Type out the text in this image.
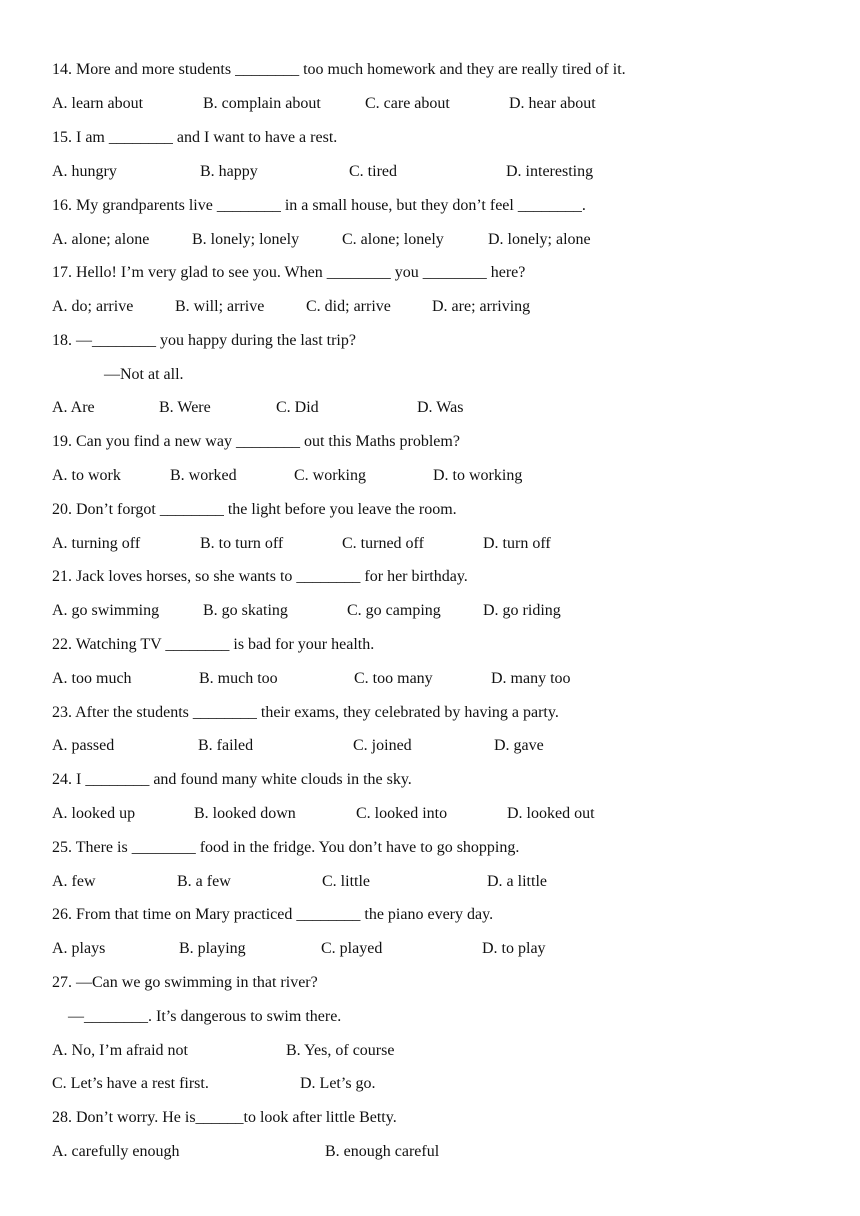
14. More and more students ________ too much homework and they are really tired of it.
A. learn about	B. complain about	C. care about	D. hear about
15. I am ________ and I want to have a rest.
A. hungry	B. happy	C. tired	D. interesting
16. My grandparents live ________ in a small house, but they don’t feel ________.
A. alone; alone	B. lonely; lonely	C. alone; lonely	D. lonely; alone
17. Hello! I’m very glad to see you. When ________ you ________ here?
A. do; arrive	B. will; arrive	C. did; arrive	D. are; arriving
18. —________ you happy during the last trip?
—Not at all.
A. Are	B. Were	C. Did	D. Was
19. Can you find a new way ________ out this Maths problem?
A. to work	B. worked	C. working	D. to working
20. Don’t forgot ________ the light before you leave the room.
A. turning off	B. to turn off	C. turned off	D. turn off
21. Jack loves horses, so she wants to ________ for her birthday.
A. go swimming	B. go skating	C. go camping	D. go riding
22. Watching TV ________ is bad for your health.
A. too much	B. much too	C. too many	D. many too
23. After the students ________ their exams, they celebrated by having a party.
A. passed	B. failed	C. joined	D. gave
24. I ________ and found many white clouds in the sky.
A. looked up	B. looked down	C. looked into	D. looked out
25. There is ________ food in the fridge. You don’t have to go shopping.
A. few	B. a few	C. little	D. a little
26. From that time on Mary practiced ________ the piano every day.
A. plays	B. playing	C. played	D. to play
27. —Can we go swimming in that river?
—________. It’s dangerous to swim there.
A. No, I’m afraid not	B. Yes, of course
C. Let’s have a rest first.	D. Let’s go.
28. Don’t worry. He is______to look after little Betty.
A. carefully enough	B. enough careful
